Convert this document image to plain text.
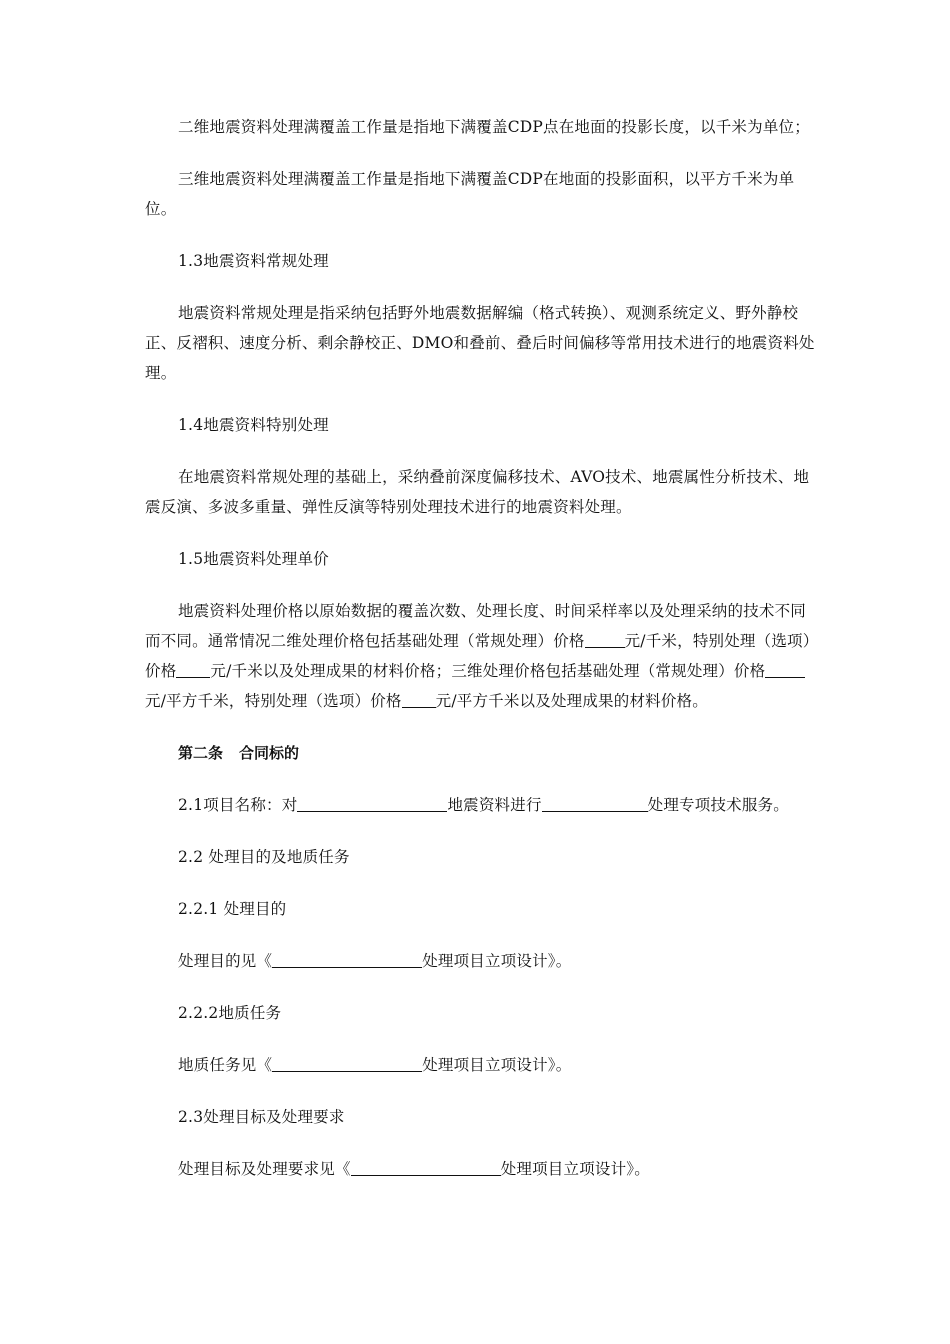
二维地震资料处理满覆盖工作量是指地下满覆盖CDP点在地面的投影长度，以千米为单位；

三维地震资料处理满覆盖工作量是指地下满覆盖CDP在地面的投影面积，以平方千米为单位。

1.3地震资料常规处理

地震资料常规处理是指采纳包括野外地震数据解编（格式转换）、观测系统定义、野外静校正、反褶积、速度分析、剩余静校正、DMO和叠前、叠后时间偏移等常用技术进行的地震资料处理。

1.4地震资料特别处理

在地震资料常规处理的基础上，采纳叠前深度偏移技术、AVO技术、地震属性分析技术、地震反演、多波多重量、弹性反演等特别处理技术进行的地震资料处理。

1.5地震资料处理单价

地震资料处理价格以原始数据的覆盖次数、处理长度、时间采样率以及处理采纳的技术不同而不同。通常情况二维处理价格包括基础处理（常规处理）价格	元/千米，特别处理（选项）价格 元/千米以及处理成果的材料价格；三维处理价格包括基础处理（常规处理）价格元/平方千米，特别处理（选项）价格 元/平方千米以及处理成果的材料价格。

第二条 合同标的

2.1项目名称：对	地震资料进行	处理专项技术服务。

2.2 处理目的及地质任务

2.2.1 处理目的

处理目的见《	处理项目立项设计》。

2.2.2地质任务

地质任务见《	处理项目立项设计》。

2.3处理目标及处理要求

处理目标及处理要求见《	处理项目立项设计》。
